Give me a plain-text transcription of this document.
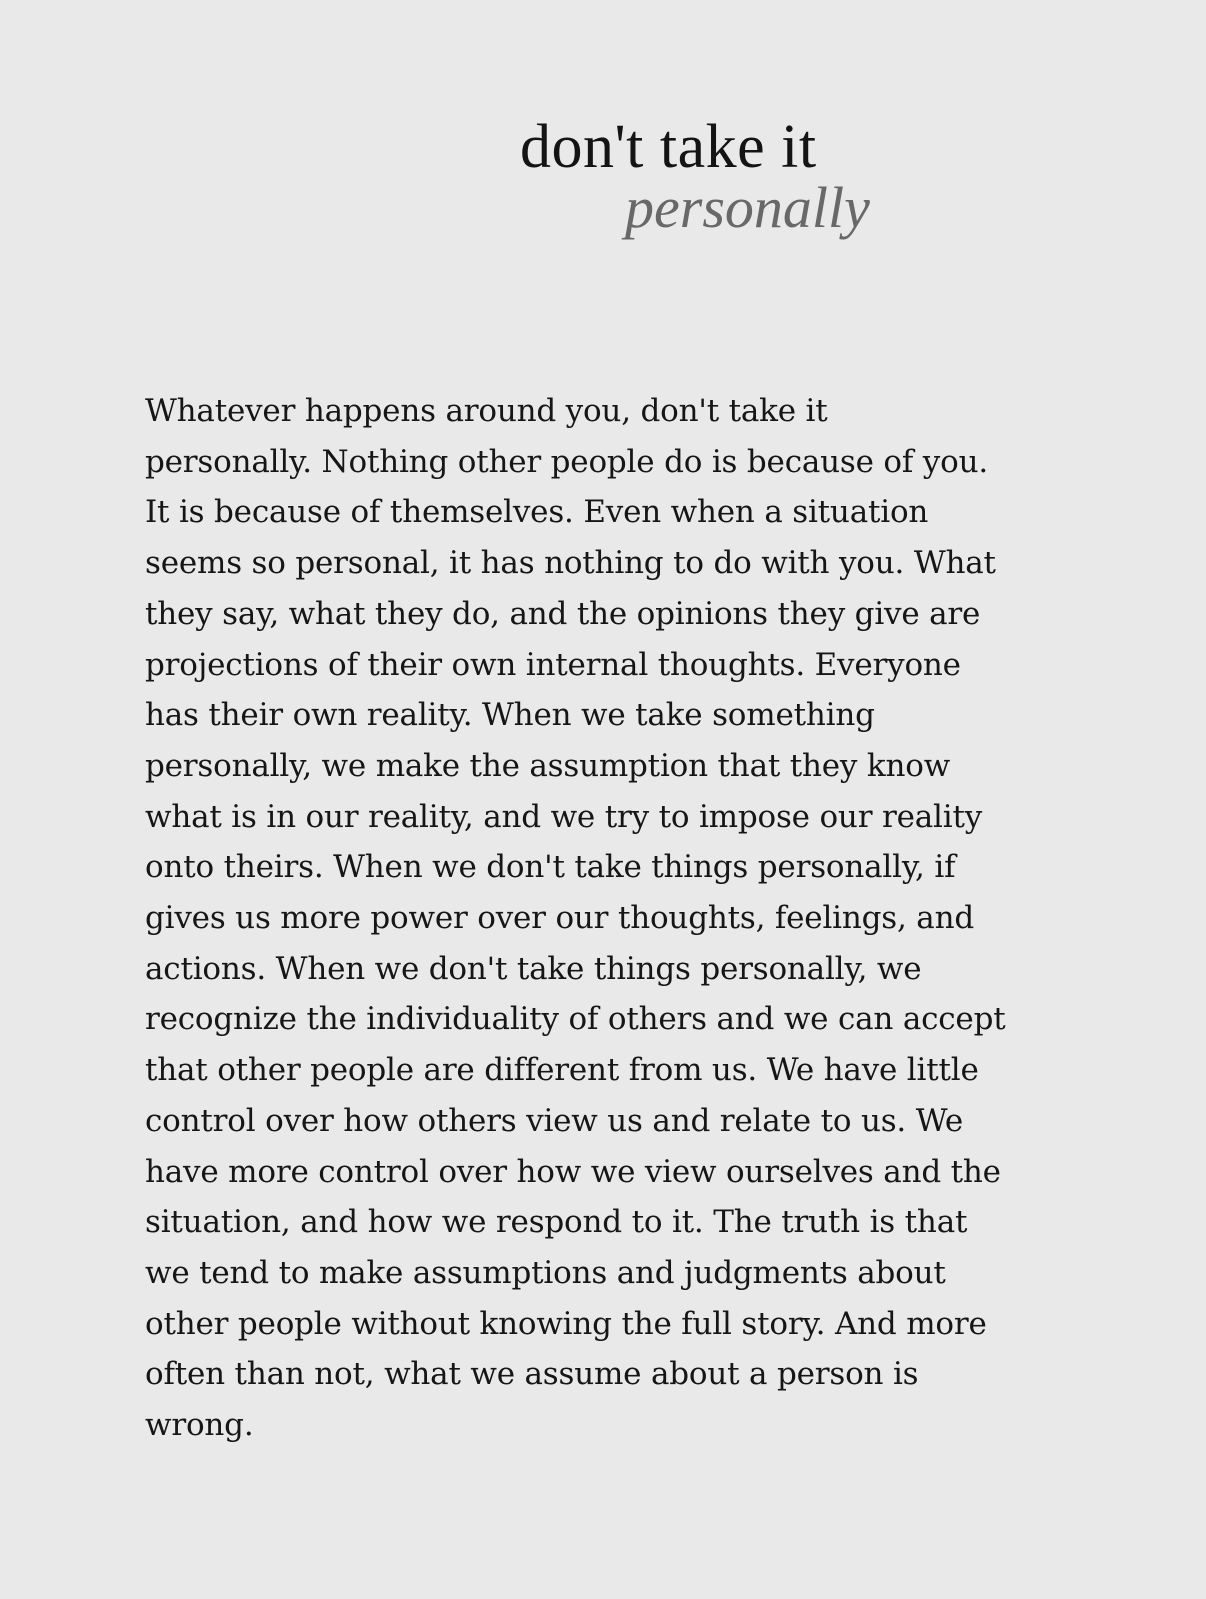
don't take it
personally
Whatever happens around you, don't take it
personally. Nothing other people do is because of you.
It is because of themselves. Even when a situation
seems so personal, it has nothing to do with you. What
they say, what they do, and the opinions they give are
projections of their own internal thoughts. Everyone
has their own reality. When we take something
personally, we make the assumption that they know
what is in our reality, and we try to impose our reality
onto theirs. When we don't take things personally, if
gives us more power over our thoughts, feelings, and
actions. When we don't take things personally, we
recognize the individuality of others and we can accept
that other people are different from us. We have little
control over how others view us and relate to us. We
have more control over how we view ourselves and the
situation, and how we respond to it. The truth is that
we tend to make assumptions and judgments about
other people without knowing the full story. And more
often than not, what we assume about a person is
wrong.
